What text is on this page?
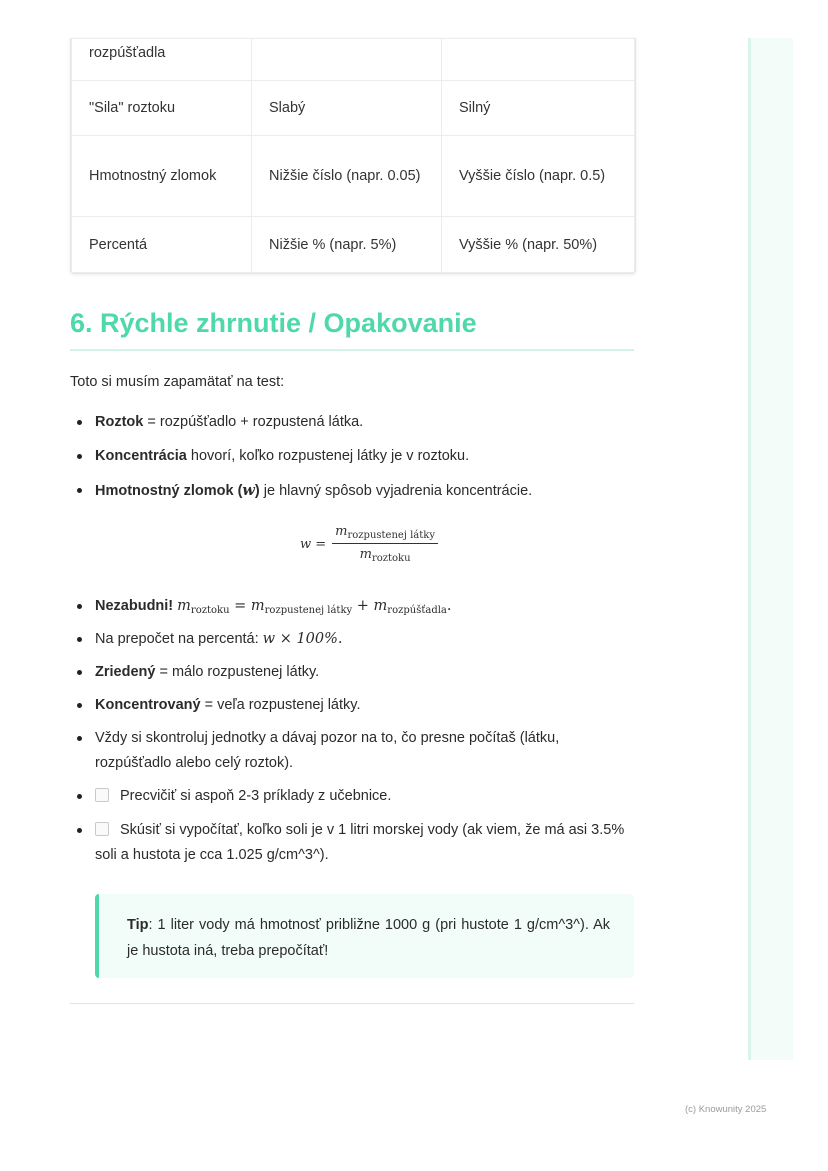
rozpúšťadla		
"Sila" roztoku	Slabý	Silný
Hmotnostný zlomok	Nižšie číslo (napr. 0.05)	Vyššie číslo (napr. 0.5)
Percentá	Nižšie % (napr. 5%)	Vyššie % (napr. 50%)
6. Rýchle zhrnutie / Opakovanie
Toto si musím zapamätať na test:
Roztok = rozpúšťadlo + rozpustená látka.
Koncentrácia hovorí, koľko rozpustenej látky je v roztoku.
Hmotnostný zlomok (w) je hlavný spôsob vyjadrenia koncentrácie.
$w = \frac{m_{rozpustenej látky}}{m_{roztoku}}$
Nezabudni! $m_{roztoku} = m_{rozpustenej látky} + m_{rozpúšťadla}$.
Na prepočet na percentá: w × 100%.
Zriedený = málo rozpustenej látky.
Koncentrovaný = veľa rozpustenej látky.
Vždy si skontroluj jednotky a dávaj pozor na to, čo presne počítaš (látku, rozpúšťadlo alebo celý roztok).
Precvičiť si aspoň 2-3 príklady z učebnice.
Skúsiť si vypočítať, koľko soli je v 1 litri morskej vody (ak viem, že má asi 3.5% soli a hustota je cca 1.025 g/cm^3^).
Tip: 1 liter vody má hmotnosť približne 1000 g (pri hustote 1 g/cm^3^). Ak je hustota iná, treba prepočítať!
(c) Knowunity 2025
